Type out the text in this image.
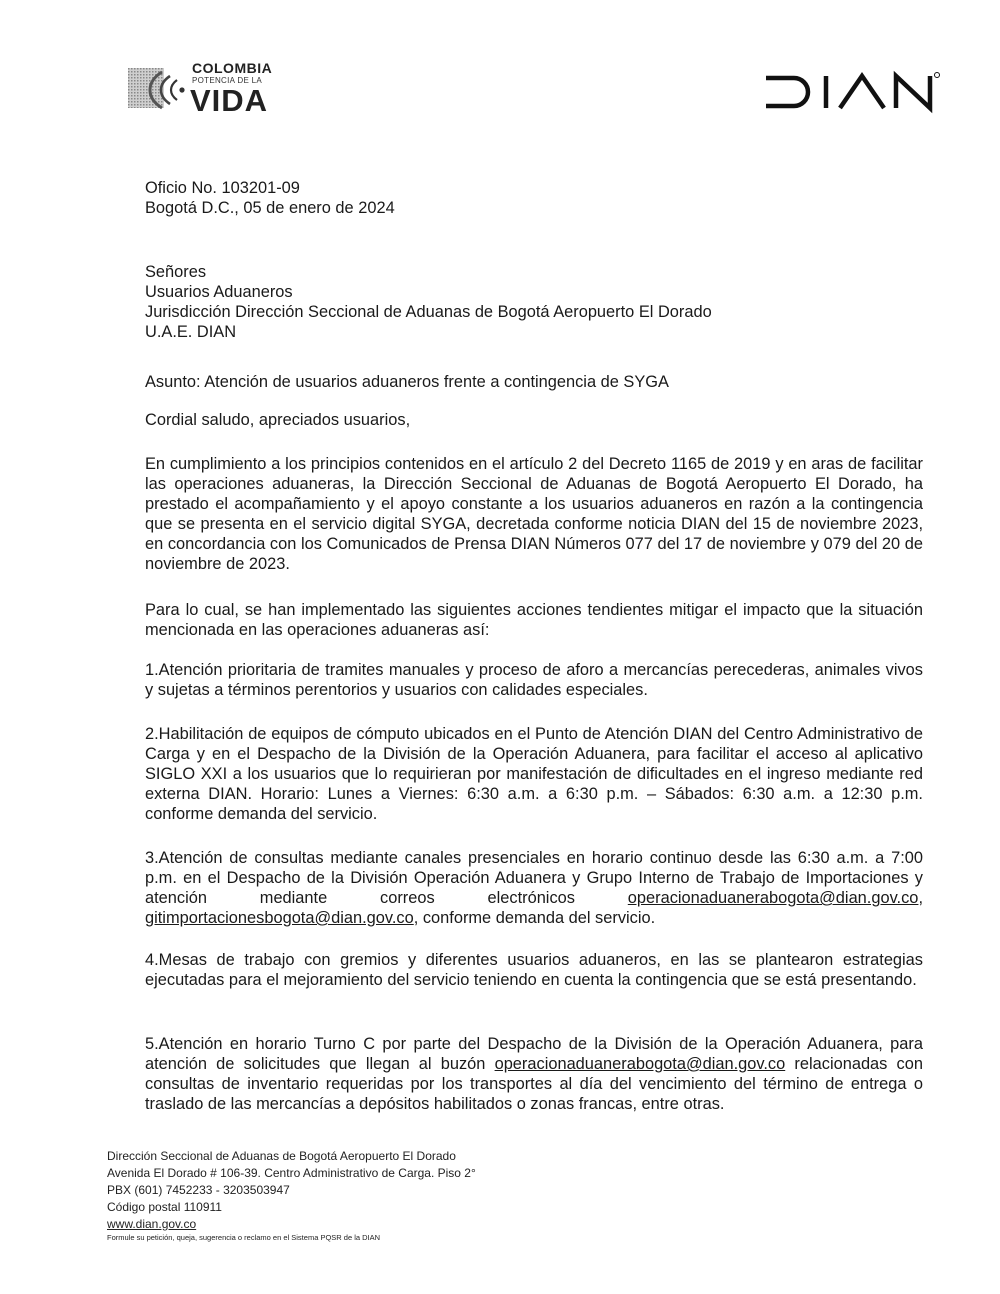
COLOMBIA
POTENCIA DE LA
VIDA

Oficio No. 103201-09

Bogotá D.C., 05 de enero de 2024

Señores

Usuarios Aduaneros

Jurisdicción Dirección Seccional de Aduanas de Bogotá Aeropuerto El Dorado

U.A.E. DIAN

Asunto: Atención de usuarios aduaneros frente a contingencia de SYGA

Cordial saludo, apreciados usuarios,

En cumplimiento a los principios contenidos en el artículo 2 del Decreto 1165 de 2019 y en aras de facilitar las operaciones aduaneras, la Dirección Seccional de Aduanas de Bogotá Aeropuerto El Dorado, ha prestado el acompañamiento y el apoyo constante a los usuarios aduaneros en razón a la contingencia que se presenta en el servicio digital SYGA, decretada conforme noticia DIAN del 15 de noviembre 2023, en concordancia con los Comunicados de Prensa DIAN Números 077 del 17 de noviembre y 079 del 20 de noviembre de 2023.
Para lo cual, se han implementado las siguientes acciones tendientes mitigar el impacto que la situación mencionada en las operaciones aduaneras así:
1.Atención prioritaria de tramites manuales y proceso de aforo a mercancías perecederas, animales vivos y sujetas a términos perentorios y usuarios con calidades especiales.
2.Habilitación de equipos de cómputo ubicados en el Punto de Atención DIAN del Centro Administrativo de Carga y en el Despacho de la División de la Operación Aduanera, para facilitar el acceso al aplicativo SIGLO XXI a los usuarios que lo requirieran por manifestación de dificultades en el ingreso mediante red externa DIAN. Horario: Lunes a Viernes: 6:30 a.m. a 6:30 p.m. – Sábados: 6:30 a.m. a 12:30 p.m. conforme demanda del servicio.
3.Atención de consultas mediante canales presenciales en horario continuo desde las 6:30 a.m. a 7:00 p.m. en el Despacho de la División Operación Aduanera y Grupo Interno de Trabajo de Importaciones y atención mediante correos electrónicos operacionaduanerabogota@dian.gov.co, gitimportacionesbogota@dian.gov.co, conforme demanda del servicio.
4.Mesas de trabajo con gremios y diferentes usuarios aduaneros, en las se plantearon estrategias ejecutadas para el mejoramiento del servicio teniendo en cuenta la contingencia que se está presentando.
5.Atención en horario Turno C por parte del Despacho de la División de la Operación Aduanera, para atención de solicitudes que llegan al buzón operacionaduanerabogota@dian.gov.co relacionadas con consultas de inventario requeridas por los transportes al día del vencimiento del término de entrega o traslado de las mercancías a depósitos habilitados o zonas francas, entre otras.
Dirección Seccional de Aduanas de Bogotá Aeropuerto El Dorado
Avenida El Dorado # 106-39. Centro Administrativo de Carga. Piso 2°
PBX (601) 7452233 - 3203503947
Código postal 110911
www.dian.gov.co
Formule su petición, queja, sugerencia o reclamo en el Sistema PQSR de la DIAN
